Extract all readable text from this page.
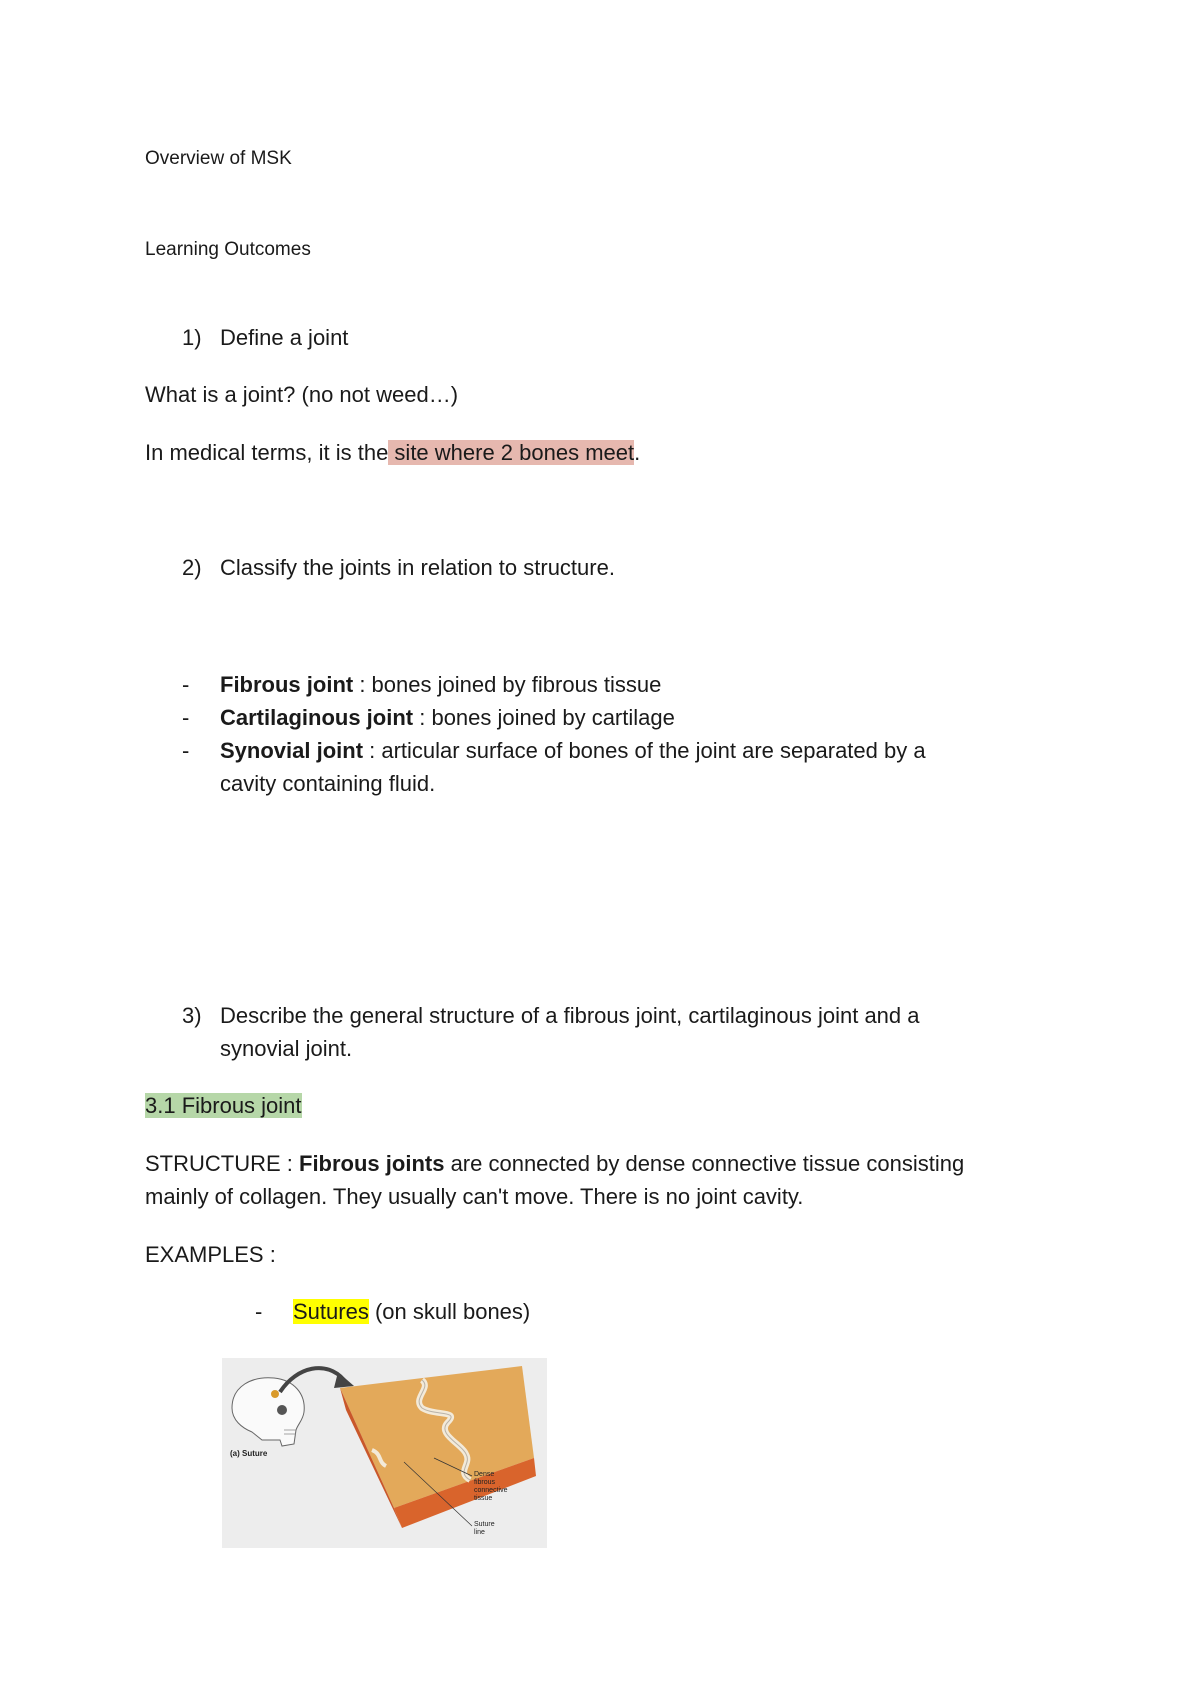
Overview of MSK
Learning Outcomes
1) Define a joint
What is a joint? (no not weed…)
In medical terms, it is the site where 2 bones meet.
2) Classify the joints in relation to structure.
- Fibrous joint : bones joined by fibrous tissue
- Cartilaginous joint : bones joined by cartilage
- Synovial joint : articular surface of bones of the joint are separated by a
cavity containing fluid.
3) Describe the general structure of a fibrous joint, cartilaginous joint and a
synovial joint.
3.1 Fibrous joint
STRUCTURE : Fibrous joints are connected by dense connective tissue consisting
mainly of collagen. They usually can't move. There is no joint cavity.
EXAMPLES :
- Sutures (on skull bones)
(a) Suture
Dense
fibrous
connective
tissue
Suture
line
